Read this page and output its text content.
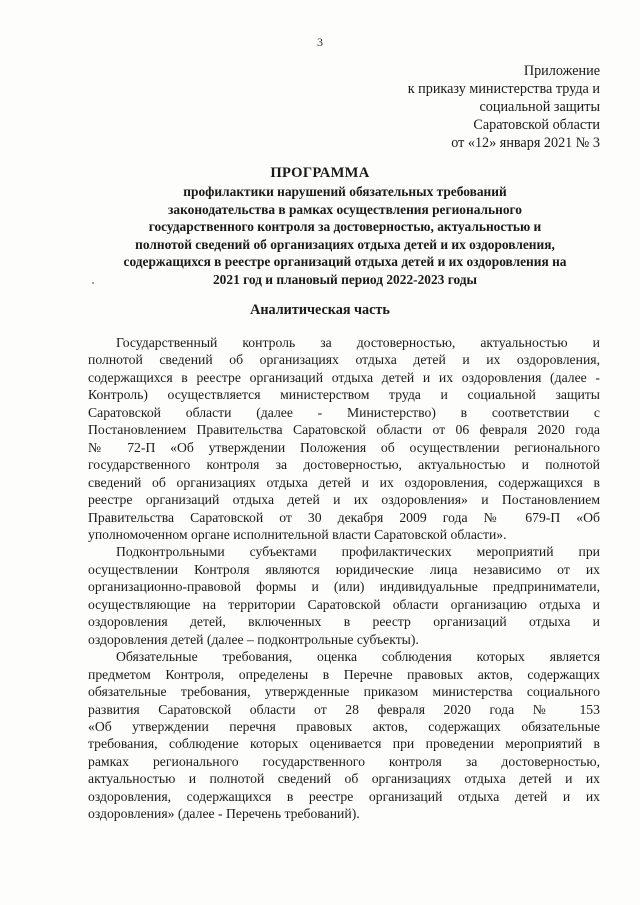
3
Приложение
к приказу министерства труда и
социальной защиты
Саратовской области
от «12» января 2021 № 3
ПРОГРАММА
профилактики нарушений обязательных требований
законодательства в рамках осуществления регионального
государственного контроля за достоверностью, актуальностью и
полнотой сведений об организациях отдыха детей и их оздоровления,
содержащихся в реестре организаций отдыха детей и их оздоровления на
2021 год и плановый период 2022-2023 годы
Аналитическая часть
Государственный контроль за достоверностью, актуальностью и
полнотой сведений об организациях отдыха детей и их оздоровления,
содержащихся в реестре организаций отдыха детей и их оздоровления (далее -
Контроль) осуществляется министерством труда и социальной защиты
Саратовской области (далее - Министерство) в соответствии с
Постановлением Правительства Саратовской области от 06 февраля 2020 года
№ 72-П «Об утверждении Положения об осуществлении регионального
государственного контроля за достоверностью, актуальностью и полнотой
сведений об организациях отдыха детей и их оздоровления, содержащихся в
реестре организаций отдыха детей и их оздоровления» и Постановлением
Правительства Саратовской от 30 декабря 2009 года № 679-П «Об
уполномоченном органе исполнительной власти Саратовской области».
Подконтрольными субъектами профилактических мероприятий при
осуществлении Контроля являются юридические лица независимо от их
организационно-правовой формы и (или) индивидуальные предприниматели,
осуществляющие на территории Саратовской области организацию отдыха и
оздоровления детей, включенных в реестр организаций отдыха и
оздоровления детей (далее – подконтрольные субъекты).
Обязательные требования, оценка соблюдения которых является
предметом Контроля, определены в Перечне правовых актов, содержащих
обязательные требования, утвержденные приказом министерства социального
развития Саратовской области от 28 февраля 2020 года № 153
«Об утверждении перечня правовых актов, содержащих обязательные
требования, соблюдение которых оценивается при проведении мероприятий в
рамках регионального государственного контроля за достоверностью,
актуальностью и полнотой сведений об организациях отдыха детей и их
оздоровления, содержащихся в реестре организаций отдыха детей и их
оздоровления» (далее - Перечень требований).
